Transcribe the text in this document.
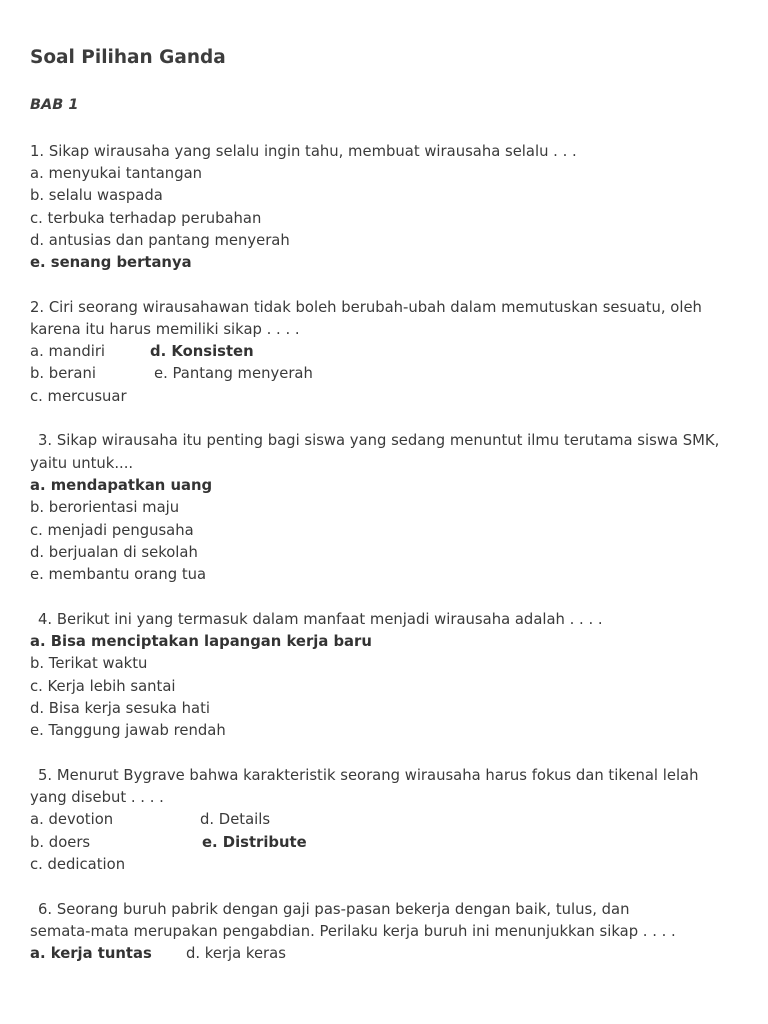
Soal Pilihan Ganda
BAB 1
1. Sikap wirausaha yang selalu ingin tahu, membuat wirausaha selalu . . .
a. menyukai tantangan
b. selalu waspada
c. terbuka terhadap perubahan
d. antusias dan pantang menyerah
e. senang bertanya
2. Ciri seorang wirausahawan tidak boleh berubah-ubah dalam memutuskan sesuatu, oleh
karena itu harus memiliki sikap . . . .
a. mandiri	d. Konsisten
b. berani	e. Pantang menyerah
c. mercusuar
3. Sikap wirausaha itu penting bagi siswa yang sedang menuntut ilmu terutama siswa SMK,
yaitu untuk....
a. mendapatkan uang
b. berorientasi maju
c. menjadi pengusaha
d. berjualan di sekolah
e. membantu orang tua
4. Berikut ini yang termasuk dalam manfaat menjadi wirausaha adalah . . . .
a. Bisa menciptakan lapangan kerja baru
b. Terikat waktu
c. Kerja lebih santai
d. Bisa kerja sesuka hati
e. Tanggung jawab rendah
5. Menurut Bygrave bahwa karakteristik seorang wirausaha harus fokus dan tikenal lelah
yang disebut . . . .
a. devotion	d. Details
b. doers	e. Distribute
c. dedication
6. Seorang buruh pabrik dengan gaji pas-pasan bekerja dengan baik, tulus, dan
semata-mata merupakan pengabdian. Perilaku kerja buruh ini menunjukkan sikap . . . .
a. kerja tuntas d. kerja keras
